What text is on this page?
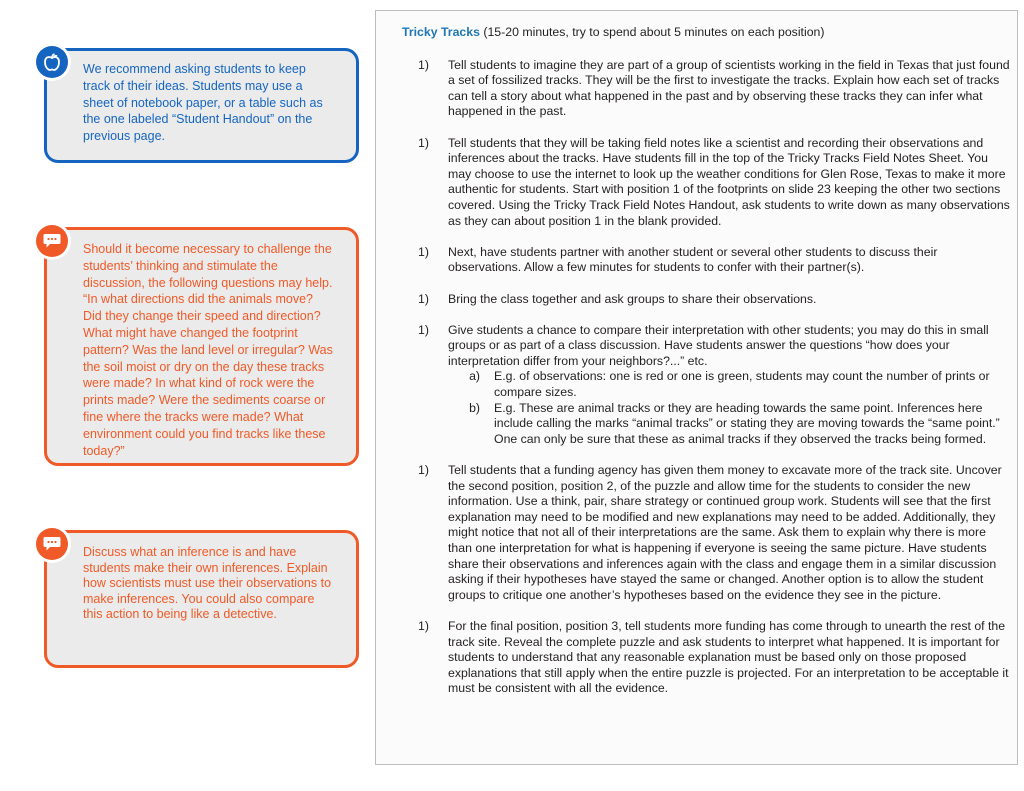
We recommend asking students to keep track of their ideas. Students may use a sheet of notebook paper, or a table such as the one labeled “Student Handout” on the previous page.
Should it become necessary to challenge the students’ thinking and stimulate the discussion, the following questions may help. “In what directions did the animals move? Did they change their speed and direction? What might have changed the footprint pattern? Was the land level or irregular? Was the soil moist or dry on the day these tracks were made? In what kind of rock were the prints made? Were the sediments coarse or fine where the tracks were made? What environment could you find tracks like these today?”
Discuss what an inference is and have students make their own inferences. Explain how scientists must use their observations to make inferences. You could also compare this action to being like a detective.

Tricky Tracks (15-20 minutes, try to spend about 5 minutes on each position)

1)	Tell students to imagine they are part of a group of scientists working in the field in Texas that just found a set of fossilized tracks. They will be the first to investigate the tracks. Explain how each set of tracks can tell a story about what happened in the past and by observing these tracks they can infer what happened in the past.
1)	Tell students that they will be taking field notes like a scientist and recording their observations and inferences about the tracks. Have students fill in the top of the Tricky Tracks Field Notes Sheet. You may choose to use the internet to look up the weather conditions for Glen Rose, Texas to make it more authentic for students. Start with position 1 of the footprints on slide 23 keeping the other two sections covered. Using the Tricky Track Field Notes Handout, ask students to write down as many observations as they can about position 1 in the blank provided.
1)	Next, have students partner with another student or several other students to discuss their observations. Allow a few minutes for students to confer with their partner(s).
1)	Bring the class together and ask groups to share their observations.
1)	Give students a chance to compare their interpretation with other students; you may do this in small groups or as part of a class discussion. Have students answer the questions “how does your interpretation differ from your neighbors?...” etc.
a)	E.g. of observations: one is red or one is green, students may count the number of prints or compare sizes.
b)	E.g. These are animal tracks or they are heading towards the same point. Inferences here include calling the marks “animal tracks” or stating they are moving towards the “same point.” One can only be sure that these as animal tracks if they observed the tracks being formed.
1)	Tell students that a funding agency has given them money to excavate more of the track site. Uncover the second position, position 2, of the puzzle and allow time for the students to consider the new information. Use a think, pair, share strategy or continued group work. Students will see that the first explanation may need to be modified and new explanations may need to be added. Additionally, they might notice that not all of their interpretations are the same. Ask them to explain why there is more than one interpretation for what is happening if everyone is seeing the same picture. Have students share their observations and inferences again with the class and engage them in a similar discussion asking if their hypotheses have stayed the same or changed. Another option is to allow the student groups to critique one another’s hypotheses based on the evidence they see in the picture.
1)	For the final position, position 3, tell students more funding has come through to unearth the rest of the track site. Reveal the complete puzzle and ask students to interpret what happened. It is important for students to understand that any reasonable explanation must be based only on those proposed explanations that still apply when the entire puzzle is projected. For an interpretation to be acceptable it must be consistent with all the evidence.
